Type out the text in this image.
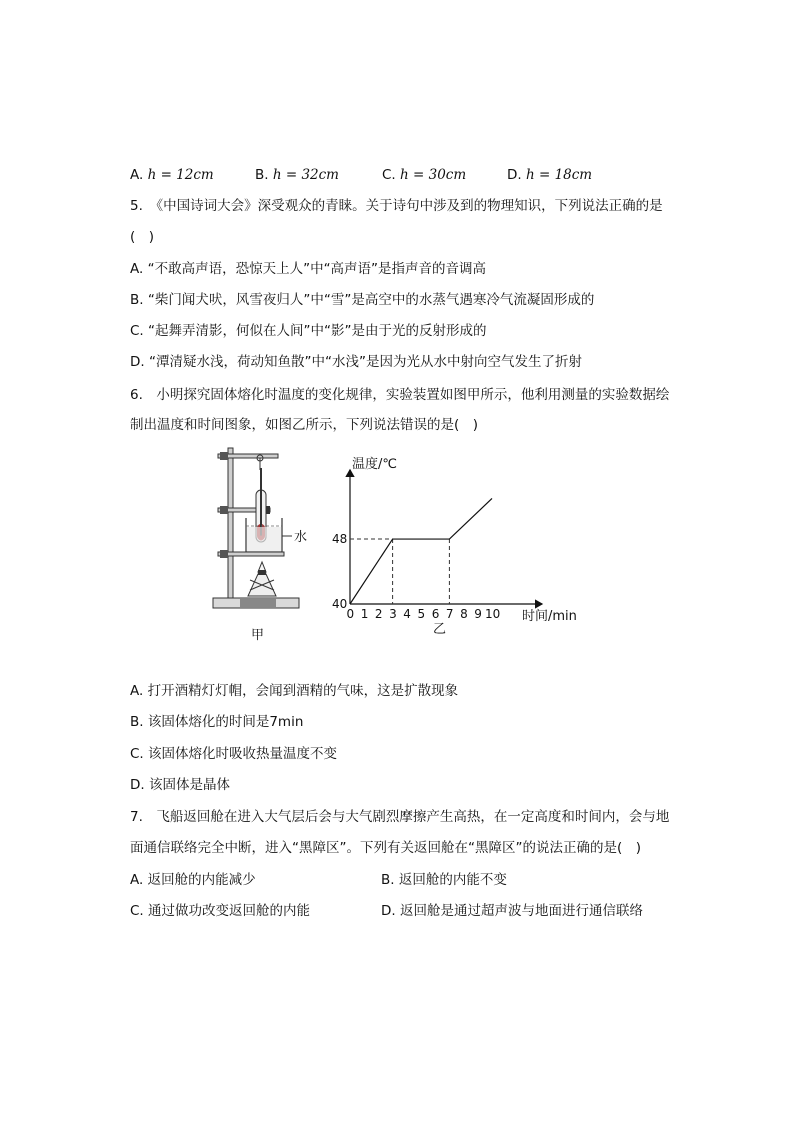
A. h = 12cm	B. h = 32cm	C. h = 30cm	D. h = 18cm
5.　《中国诗词大会》深受观众的青睐。关于诗句中涉及到的物理知识，下列说法正确的是
(　)
A. “不敢高声语，恐惊天上人”中“高声语”是指声音的音调高
B. “柴门闻犬吠，风雪夜归人”中“雪”是高空中的水蒸气遇寒冷气流凝固形成的
C. “起舞弄清影，何似在人间”中“影”是由于光的反射形成的
D. “潭清疑水浅，荷动知鱼散”中“水浅”是因为光从水中射向空气发生了折射
6.　小明探究固体熔化时温度的变化规律，实验装置如图甲所示，他利用测量的实验数据绘
制出温度和时间图象，如图乙所示，下列说法错误的是(　)
水
甲
0 1 2 3 4 5 6 7 8 9 10
40
48
温度/℃
时间/min
乙
A. 打开酒精灯灯帽，会闻到酒精的气味，这是扩散现象
B. 该固体熔化的时间是7min
C. 该固体熔化时吸收热量温度不变
D. 该固体是晶体
7.　飞船返回舱在进入大气层后会与大气剧烈摩擦产生高热，在一定高度和时间内，会与地
面通信联络完全中断，进入“黑障区”。下列有关返回舱在“黑障区”的说法正确的是(　)
A. 返回舱的内能减少	B. 返回舱的内能不变
C. 通过做功改变返回舱的内能	D. 返回舱是通过超声波与地面进行通信联络
